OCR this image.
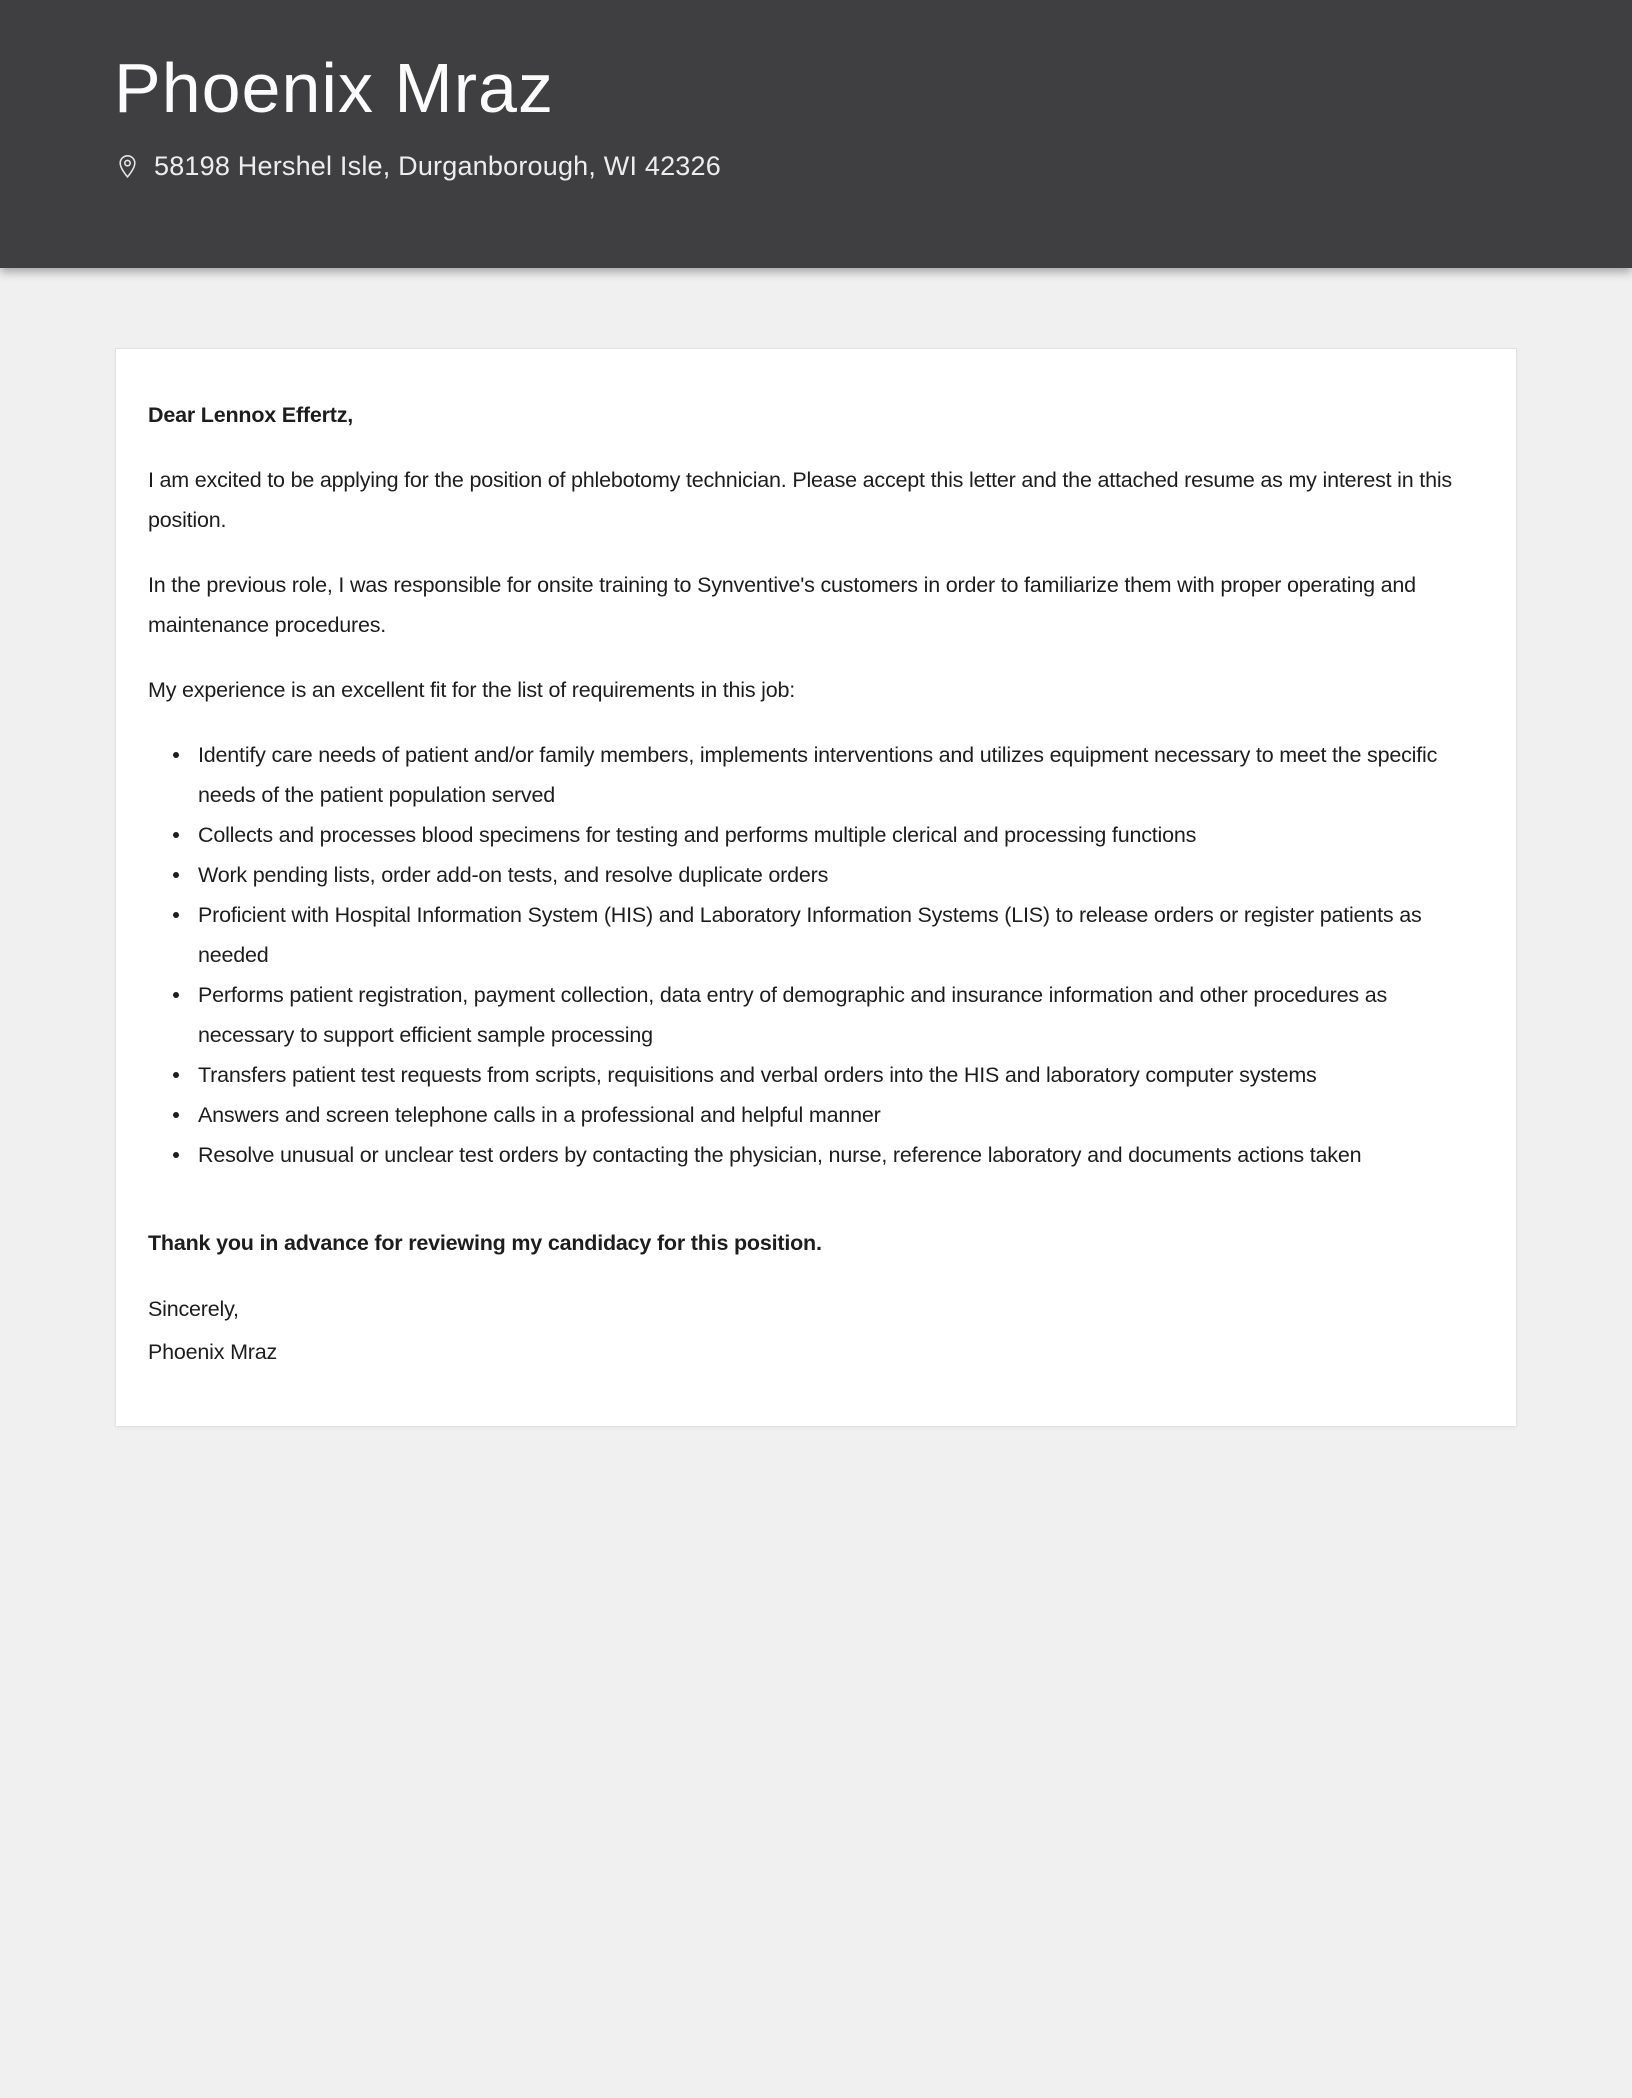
Phoenix Mraz
58198 Hershel Isle, Durganborough, WI 42326

Dear Lennox Effertz,

I am excited to be applying for the position of phlebotomy technician. Please accept this letter and the attached resume as my interest in this position.

In the previous role, I was responsible for onsite training to Synventive's customers in order to familiarize them with proper operating and maintenance procedures.

My experience is an excellent fit for the list of requirements in this job:

Identify care needs of patient and/or family members, implements interventions and utilizes equipment necessary to meet the specific needs of the patient population served
Collects and processes blood specimens for testing and performs multiple clerical and processing functions
Work pending lists, order add-on tests, and resolve duplicate orders
Proficient with Hospital Information System (HIS) and Laboratory Information Systems (LIS) to release orders or register patients as needed
Performs patient registration, payment collection, data entry of demographic and insurance information and other procedures as necessary to support efficient sample processing
Transfers patient test requests from scripts, requisitions and verbal orders into the HIS and laboratory computer systems
Answers and screen telephone calls in a professional and helpful manner
Resolve unusual or unclear test orders by contacting the physician, nurse, reference laboratory and documents actions taken

Thank you in advance for reviewing my candidacy for this position.

Sincerely,
Phoenix Mraz
